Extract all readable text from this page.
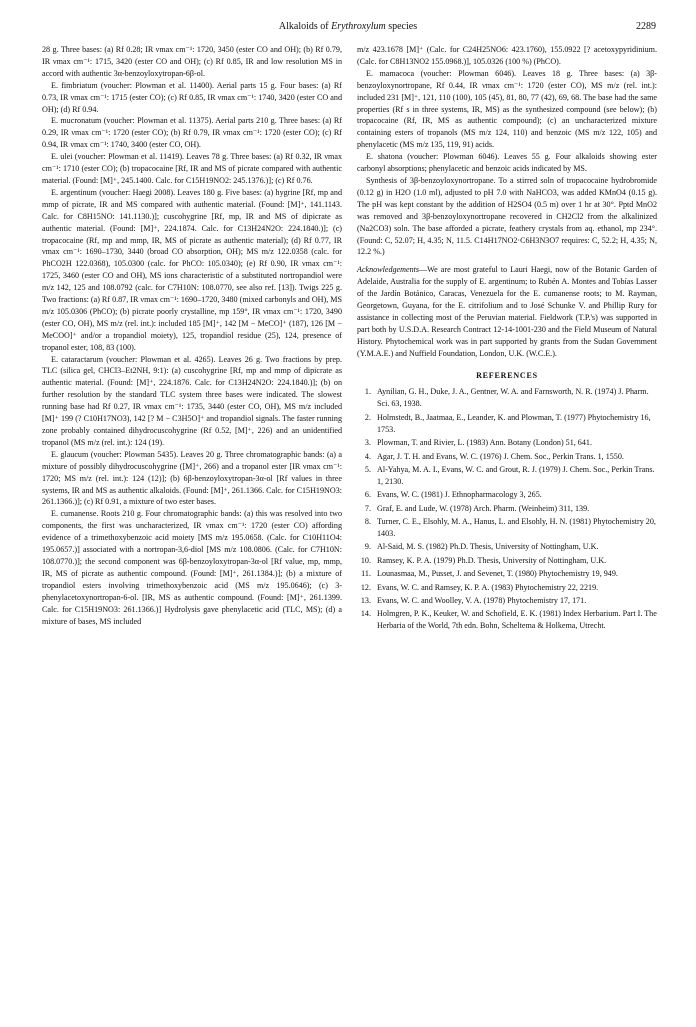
Alkaloids of Erythroxylum species	2289

28 g. Three bases: (a) Rf 0.28; IR νmax cm⁻¹: 1720, 3450 (ester CO and OH); (b) Rf 0.79, IR νmax cm⁻¹: 1715, 3420 (ester CO and OH); (c) Rf 0.85, IR and low resolution MS in accord with authentic 3α-benzoyloxytropan-6β-ol.

E. fimbriatum (voucher: Plowman et al. 11400). Aerial parts 15 g. Four bases: (a) Rf 0.73, IR νmax cm⁻¹: 1715 (ester CO); (c) Rf 0.85, IR νmax cm⁻¹: 1740, 3420 (ester CO and OH); (d) Rf 0.94.

E. mucronatum (voucher: Plowman et al. 11375). Aerial parts 210 g. Three bases: (a) Rf 0.29, IR νmax cm⁻¹: 1720 (ester CO); (b) Rf 0.79, IR νmax cm⁻¹: 1720 (ester CO); (c) Rf 0.94, IR νmax cm⁻¹: 1740, 3400 (ester CO, OH).

E. ulei (voucher: Plowman et al. 11419). Leaves 78 g. Three bases: (a) Rf 0.32, IR νmax cm⁻¹: 1710 (ester CO); (b) tropacocaine [Rf, IR and MS of picrate compared with authentic material. (Found: [M]⁺, 245.1400. Calc. for C15H19NO2: 245.1376.)]; (c) Rf 0.76.

E. argentinum (voucher: Haegi 2008). Leaves 180 g. Five bases: (a) hygrine [Rf, mp and mmp of picrate, IR and MS compared with authentic material. (Found: [M]⁺, 141.1143. Calc. for C8H15NO: 141.1130.)]; cuscohygrine [Rf, mp, IR and MS of dipicrate as authentic material. (Found: [M]⁺, 224.1874. Calc. for C13H24N2O: 224.1840.)]; (c) tropacocaine (Rf, mp and mmp, IR, MS of picrate as authentic material); (d) Rf 0.77, IR νmax cm⁻¹: 1690–1730, 3440 (broad CO absorption, OH); MS m/z 122.0358 (calc. for PhCO2H 122.0368), 105.0300 (calc. for PhCO: 105.0340); (e) Rf 0.90, IR νmax cm⁻¹: 1725, 3460 (ester CO and OH), MS ions characteristic of a substituted nortropandiol were m/z 142, 125 and 108.0792 (calc. for C7H10N: 108.0770, see also ref. [13]). Twigs 225 g. Two fractions: (a) Rf 0.87, IR νmax cm⁻¹: 1690–1720, 3480 (mixed carbonyls and OH), MS m/z 105.0306 (PhCO); (b) picrate poorly crystalline, mp 159°, IR νmax cm⁻¹: 1720, 3490 (ester CO, OH), MS m/z (rel. int.): included 185 [M]⁺, 142 [M − MeCO]⁺ (187), 126 [M − MeCOO]⁺ and/or a tropandiol moiety), 125, tropandiol residue (25), 124, presence of tropanol ester, 108, 83 (100).

E. cataractarum (voucher: Plowman et al. 4265). Leaves 26 g. Two fractions by prep. TLC (silica gel, CHCl3–Et2NH, 9:1): (a) cuscohygrine [Rf, mp and mmp of dipicrate as authentic material. (Found: [M]⁺, 224.1876. Calc. for C13H24N2O: 224.1840.)]; (b) on further resolution by the standard TLC system three bases were indicated. The slowest running base had Rf 0.27, IR νmax cm⁻¹: 1735, 3440 (ester CO, OH), MS m/z included [M]⁺ 199 (? C10H17NO3), 142 [? M − C3H5O]⁺ and tropandiol signals. The faster running zone probably contained dihydrocuscohygrine (Rf 0.52, [M]⁺, 226) and an unidentified tropanol (MS m/z (rel. int.): 124 (19).

E. glaucum (voucher: Plowman 5435). Leaves 20 g. Three chromatographic bands: (a) a mixture of possibly dihydrocuscohygrine ([M]⁺, 266) and a tropanol ester [IR νmax cm⁻¹: 1720; MS m/z (rel. int.): 124 (12)]; (b) 6β-benzoyloxytropan-3α-ol [Rf values in three systems, IR and MS as authentic alkaloids. (Found: [M]⁺, 261.1366. Calc. for C15H19NO3: 261.1366.)]; (c) Rf 0.91, a mixture of two ester bases.

E. cumanense. Roots 210 g. Four chromatographic bands: (a) this was resolved into two components, the first was uncharacterized, IR νmax cm⁻¹: 1720 (ester CO) affording evidence of a trimethoxybenzoic acid moiety [MS m/z 195.0658. (Calc. for C10H11O4: 195.0657.)] associated with a nortropan-3,6-diol [MS m/z 108.0806. (Calc. for C7H10N: 108.0770.)]; the second component was 6β-benzoyloxytropan-3α-ol [Rf value, mp, mmp, IR, MS of picrate as authentic compound. (Found: [M]⁺, 261.1384.)]; (b) a mixture of tropandiol esters involving trimethoxybenzoic acid (MS m/z 195.0646); (c) 3-phenylacetoxynortropan-6-ol. [IR, MS as authentic compound. (Found: [M]⁺, 261.1399. Calc. for C15H19NO3: 261.1366.)] Hydrolysis gave phenylacetic acid (TLC, MS); (d) a mixture of bases, MS included

m/z 423.1678 [M]⁺ (Calc. for C24H25NO6: 423.1760), 155.0922 [? acetoxypyridinium. (Calc. for C8H13NO2 155.0968.)], 105.0326 (100 %) (PhCO).

E. mamacoca (voucher: Plowman 6046). Leaves 18 g. Three bases: (a) 3β-benzoyloxynortropane, Rf 0.44, IR νmax cm⁻¹: 1720 (ester CO), MS m/z (rel. int.): included 231 [M]⁺, 121, 110 (100), 105 (45), 81, 80, 77 (42), 69, 68. The base had the same properties (Rf s in three systems, IR, MS) as the synthesized compound (see below); (b) tropacocaine (Rf, IR, MS as authentic compound); (c) an uncharacterized mixture containing esters of tropanols (MS m/z 124, 110) and benzoic (MS m/z 122, 105) and phenylacetic (MS m/z 135, 119, 91) acids.

E. shatona (voucher: Plowman 6046). Leaves 55 g. Four alkaloids showing ester carbonyl absorptions; phenylacetic and benzoic acids indicated by MS.

Synthesis of 3β-benzoyloxynortropane. To a stirred soln of tropacocaine hydrobromide (0.12 g) in H2O (1.0 ml), adjusted to pH 7.0 with NaHCO3, was added KMnO4 (0.15 g). The pH was kept constant by the addition of H2SO4 (0.5 m) over 1 hr at 30°. Pptd MnO2 was removed and 3β-benzoyloxynortropane recovered in CH2Cl2 from the alkalinized (Na2CO3) soln. The base afforded a picrate, feathery crystals from aq. ethanol, mp 234°. (Found: C, 52.07; H, 4.35; N, 11.5. C14H17NO2·C6H3N3O7 requires: C, 52.2; H, 4.35; N, 12.2 %.)

Acknowledgements—We are most grateful to Lauri Haegi, now of the Botanic Garden of Adelaide, Australia for the supply of E. argentinum; to Rubén A. Montes and Tobías Lasser of the Jardín Botánico, Caracas, Venezuela for the E. cumanense roots; to M. Rayman, Georgetown, Guyana, for the E. citrifolium and to José Schunke V. and Phillip Rury for assistance in collecting most of the Peruvian material. Fieldwork (T.P.'s) was supported in part both by U.S.D.A. Research Contract 12-14-1001-230 and the Field Museum of Natural History. Phytochemical work was in part supported by grants from the Sudan Government (Y.M.A.E.) and Nuffield Foundation, London, U.K. (W.C.E.).

REFERENCES
1. Aynilian, G. H., Duke, J. A., Gentner, W. A. and Farnsworth, N. R. (1974) J. Pharm. Sci. 63, 1938.
2. Holmstedt, B., Jaatmaa, E., Leander, K. and Plowman, T. (1977) Phytochemistry 16, 1753.
3. Plowman, T. and Rivier, L. (1983) Ann. Botany (London) 51, 641.
4. Agar, J. T. H. and Evans, W. C. (1976) J. Chem. Soc., Perkin Trans. 1, 1550.
5. Al-Yahya, M. A. I., Evans, W. C. and Grout, R. J. (1979) J. Chem. Soc., Perkin Trans. 1, 2130.
6. Evans, W. C. (1981) J. Ethnopharmacology 3, 265.
7. Graf, E. and Lude, W. (1978) Arch. Pharm. (Weinheim) 311, 139.
8. Turner, C. E., Elsohly, M. A., Hanus, L. and Elsohly, H. N. (1981) Phytochemistry 20, 1403.
9. Al-Said, M. S. (1982) Ph.D. Thesis, University of Nottingham, U.K.
10. Ramsey, K. P. A. (1979) Ph.D. Thesis, University of Nottingham, U.K.
11. Lounasmaa, M., Pusset, J. and Sevenet, T. (1980) Phytochemistry 19, 949.
12. Evans, W. C. and Ramsey, K. P. A. (1983) Phytochemistry 22, 2219.
13. Evans, W. C. and Woolley, V. A. (1978) Phytochemistry 17, 171.
14. Holmgren, P. K., Keuker, W. and Schofield, E. K. (1981) Index Herbarium. Part I. The Herbaria of the World, 7th edn. Bohn, Scheltema & Holkema, Utrecht.
